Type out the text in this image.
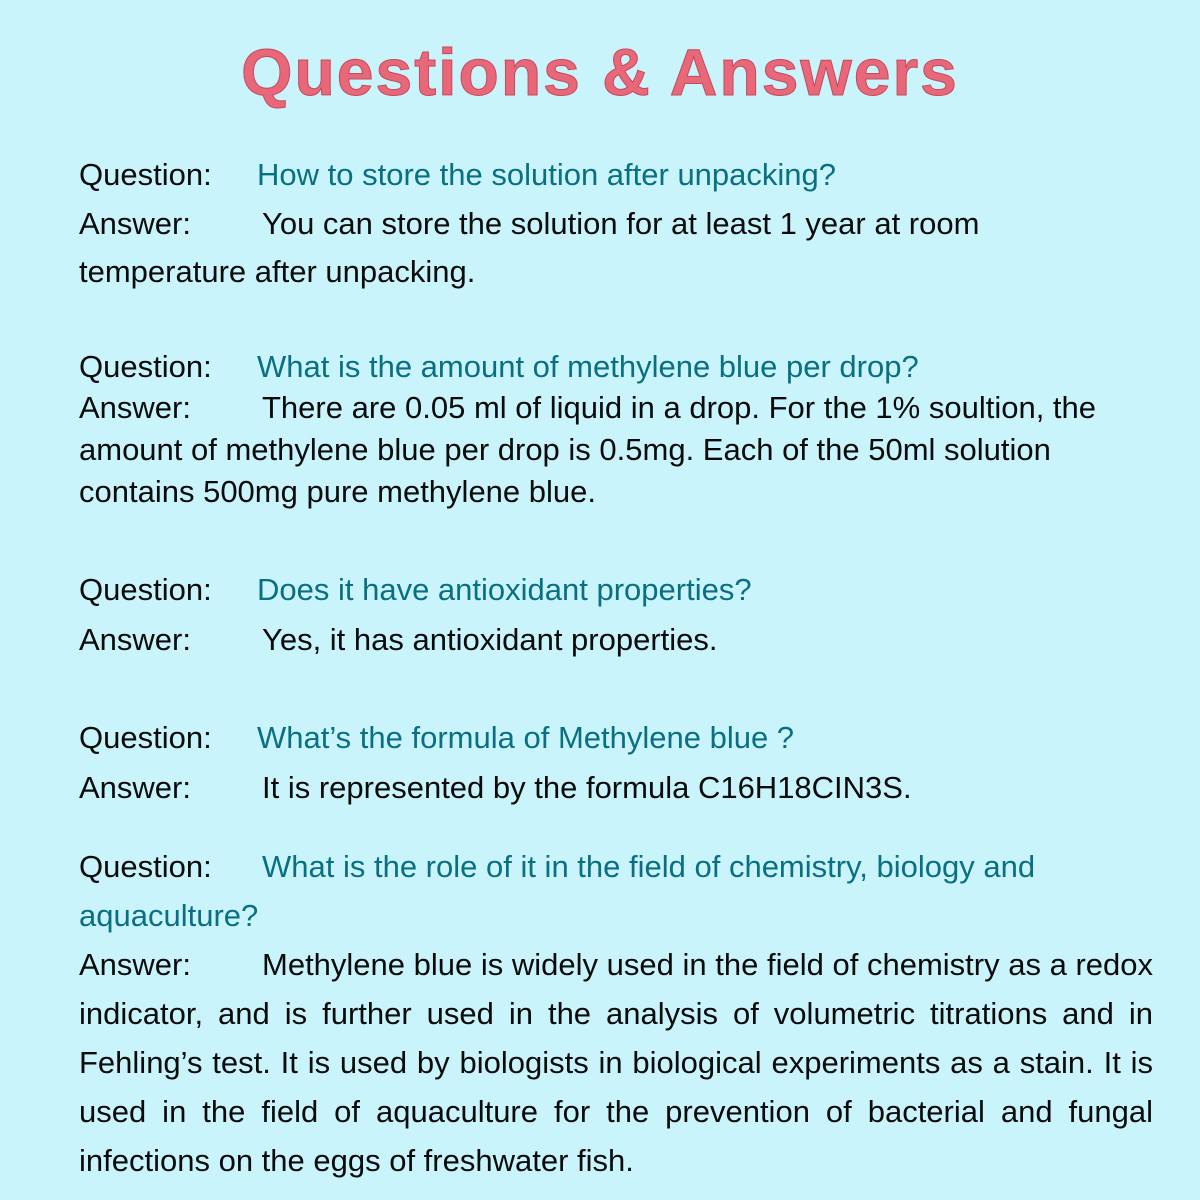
Questions & Answers
Question: How to store the solution after unpacking?
Answer: You can store the solution for at least 1 year at room temperature after unpacking.
Question: What is the amount of methylene blue per drop?
Answer: There are 0.05 ml of liquid in a drop. For the 1% soultion, the amount of methylene blue per drop is 0.5mg. Each of the 50ml solution contains 500mg pure methylene blue.
Question: Does it have antioxidant properties?
Answer: Yes, it has antioxidant properties.
Question: What’s the formula of Methylene blue ?
Answer: It is represented by the formula C16H18CIN3S.
Question: What is the role of it in the field of chemistry, biology and aquaculture?
Answer: Methylene blue is widely used in the field of chemistry as a redox indicator, and is further used in the analysis of volumetric titrations and in Fehling’s test. It is used by biologists in biological experiments as a stain. It is used in the field of aquaculture for the prevention of bacterial and fungal infections on the eggs of freshwater fish.
